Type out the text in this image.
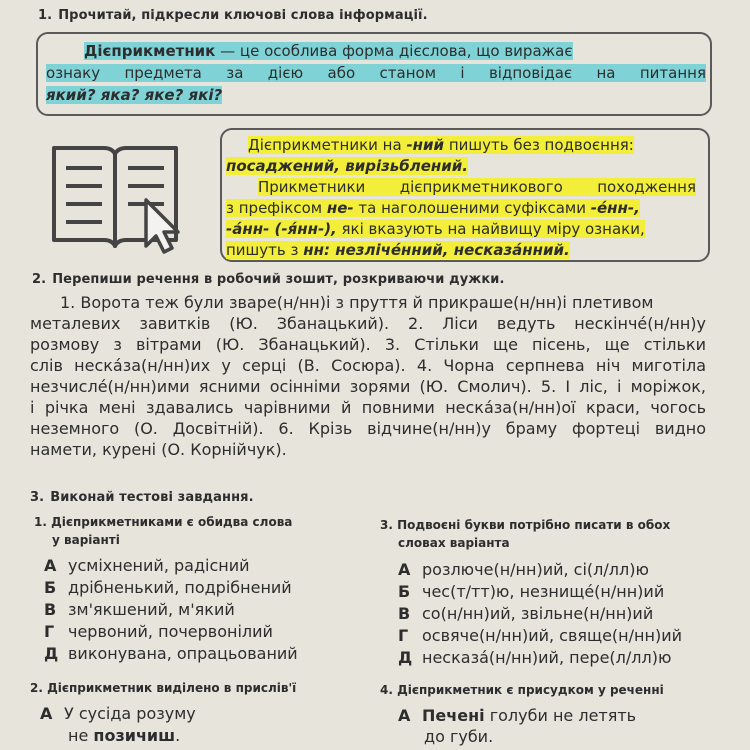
1. Прочитай, підкресли ключові слова інформації.
Дієприкметник — це особлива форма дієслова, що виражає
ознаку предмета за дією або станом і відповідає на питання
який? яка? яке? які?
Дієприкметники на -ний пишуть без подвоєння:
посаджений, вирізьблений.
Прикметники дієприкметникового походження
з префіксом не- та наголошеними суфіксами -е́нн-,
-а́нн- (-я́нн-), які вказують на найвищу міру ознаки,
пишуть з нн: незліче́нний, несказа́нний.
2. Перепиши речення в робочий зошит, розкриваючи дужки.
1. Ворота теж були зваре(н/нн)і з пруття й прикраше(н/нн)і плетивом
металевих завитків (Ю. Збанацький). 2. Ліси ведуть нескінче́(н/нн)у
розмову з вітрами (Ю. Збанацький). 3. Стільки ще пісень, ще стільки
слів неска́за(н/нн)их у серці (В. Сосюра). 4. Чорна серпнева ніч миготіла
незчисле́(н/нн)ими ясними осінніми зорями (Ю. Смолич). 5. І ліс, і моріжок,
і річка мені здавались чарівними й повними неска́за(н/нн)ої краси, чогось
неземного (О. Досвітній). 6. Крізь відчине(н/нн)у браму фортеці видно
намети, курені (О. Корнійчук).
3. Виконай тестові завдання.
1. Дієприкметниками є обидва слова
у варіанті
А усміхнений, радісний
Б дрібненький, подрібнений
В зм'якшений, м'який
Г червоний, почервонілий
Д виконувана, опрацьований
2. Дієприкметник виділено в прислів'ї
А У сусіда розуму
не позичиш.
3. Подвоєні букви потрібно писати в обох
словах варіанта
А розлюче(н/нн)ий, сі(л/лл)ю
Б чес(т/тт)ю, незнищé(н/нн)ий
В со(н/нн)ий, звільне(н/нн)ий
Г освяче(н/нн)ий, свяще(н/нн)ий
Д несказа́(н/нн)ий, пере(л/лл)ю
4. Дієприкметник є присудком у реченні
А Печені голуби не летять
до губи.
